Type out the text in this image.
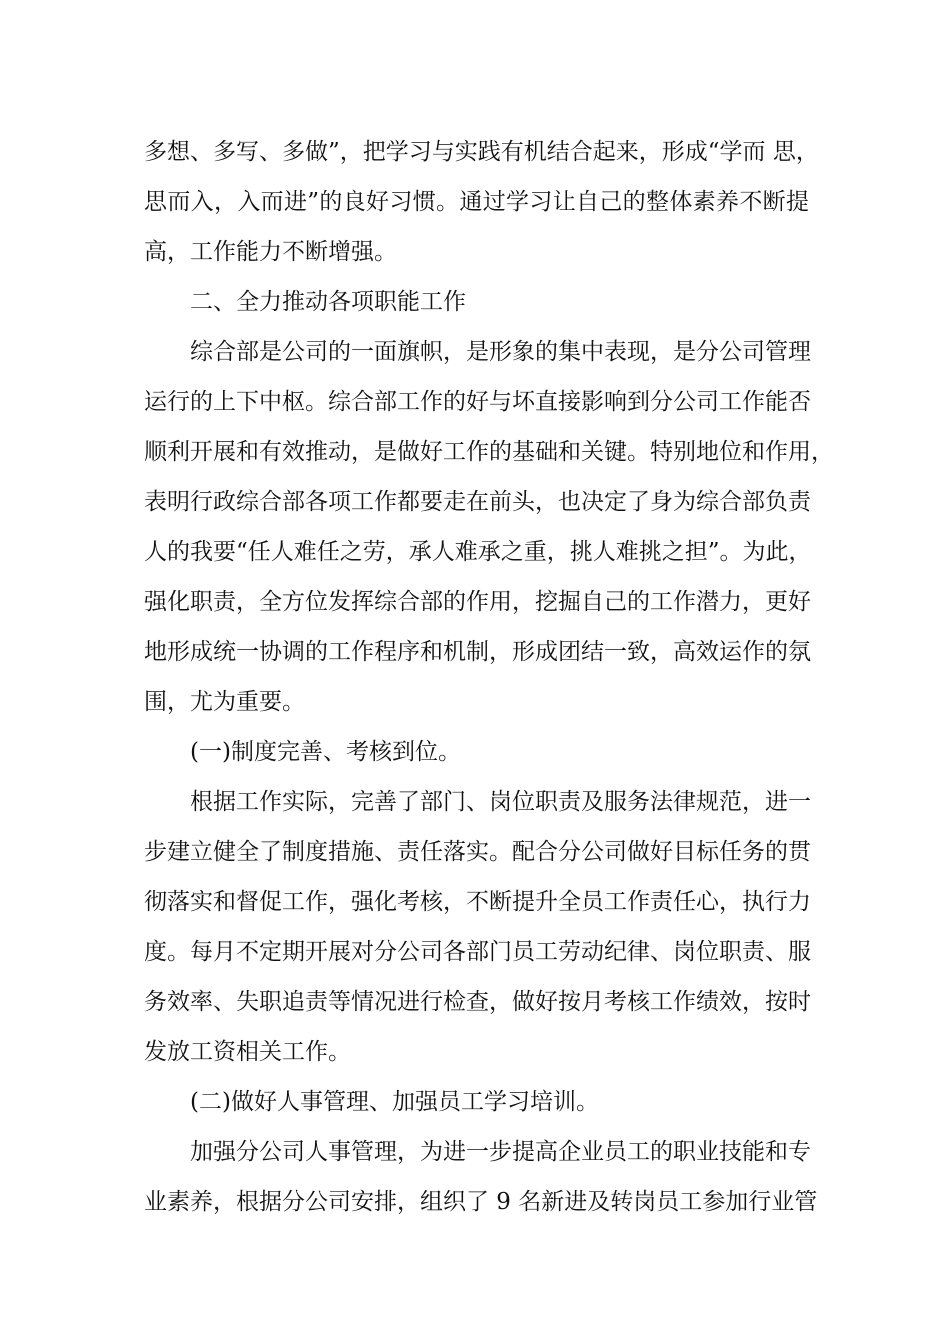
多想、多写、多做”，把学习与实践有机结合起来，形成“学而 思，
思而入，入而进”的良好习惯。通过学习让自己的整体素养不断提
高，工作能力不断增强。
二、全力推动各项职能工作
综合部是公司的一面旗帜，是形象的集中表现，是分公司管理
运行的上下中枢。综合部工作的好与坏直接影响到分公司工作能否
顺利开展和有效推动，是做好工作的基础和关键。特别地位和作用，
表明行政综合部各项工作都要走在前头，也决定了身为综合部负责
人的我要“任人难任之劳，承人难承之重，挑人难挑之担”。为此，
强化职责，全方位发挥综合部的作用，挖掘自己的工作潜力，更好
地形成统一协调的工作程序和机制，形成团结一致，高效运作的氛
围，尤为重要。
(一)制度完善、考核到位。
根据工作实际，完善了部门、岗位职责及服务法律规范，进一
步建立健全了制度措施、责任落实。配合分公司做好目标任务的贯
彻落实和督促工作，强化考核，不断提升全员工作责任心，执行力
度。每月不定期开展对分公司各部门员工劳动纪律、岗位职责、服
务效率、失职追责等情况进行检查，做好按月考核工作绩效，按时
发放工资相关工作。
(二)做好人事管理、加强员工学习培训。
加强分公司人事管理，为进一步提高企业员工的职业技能和专
业素养，根据分公司安排，组织了 9 名新进及转岗员工参加行业管
